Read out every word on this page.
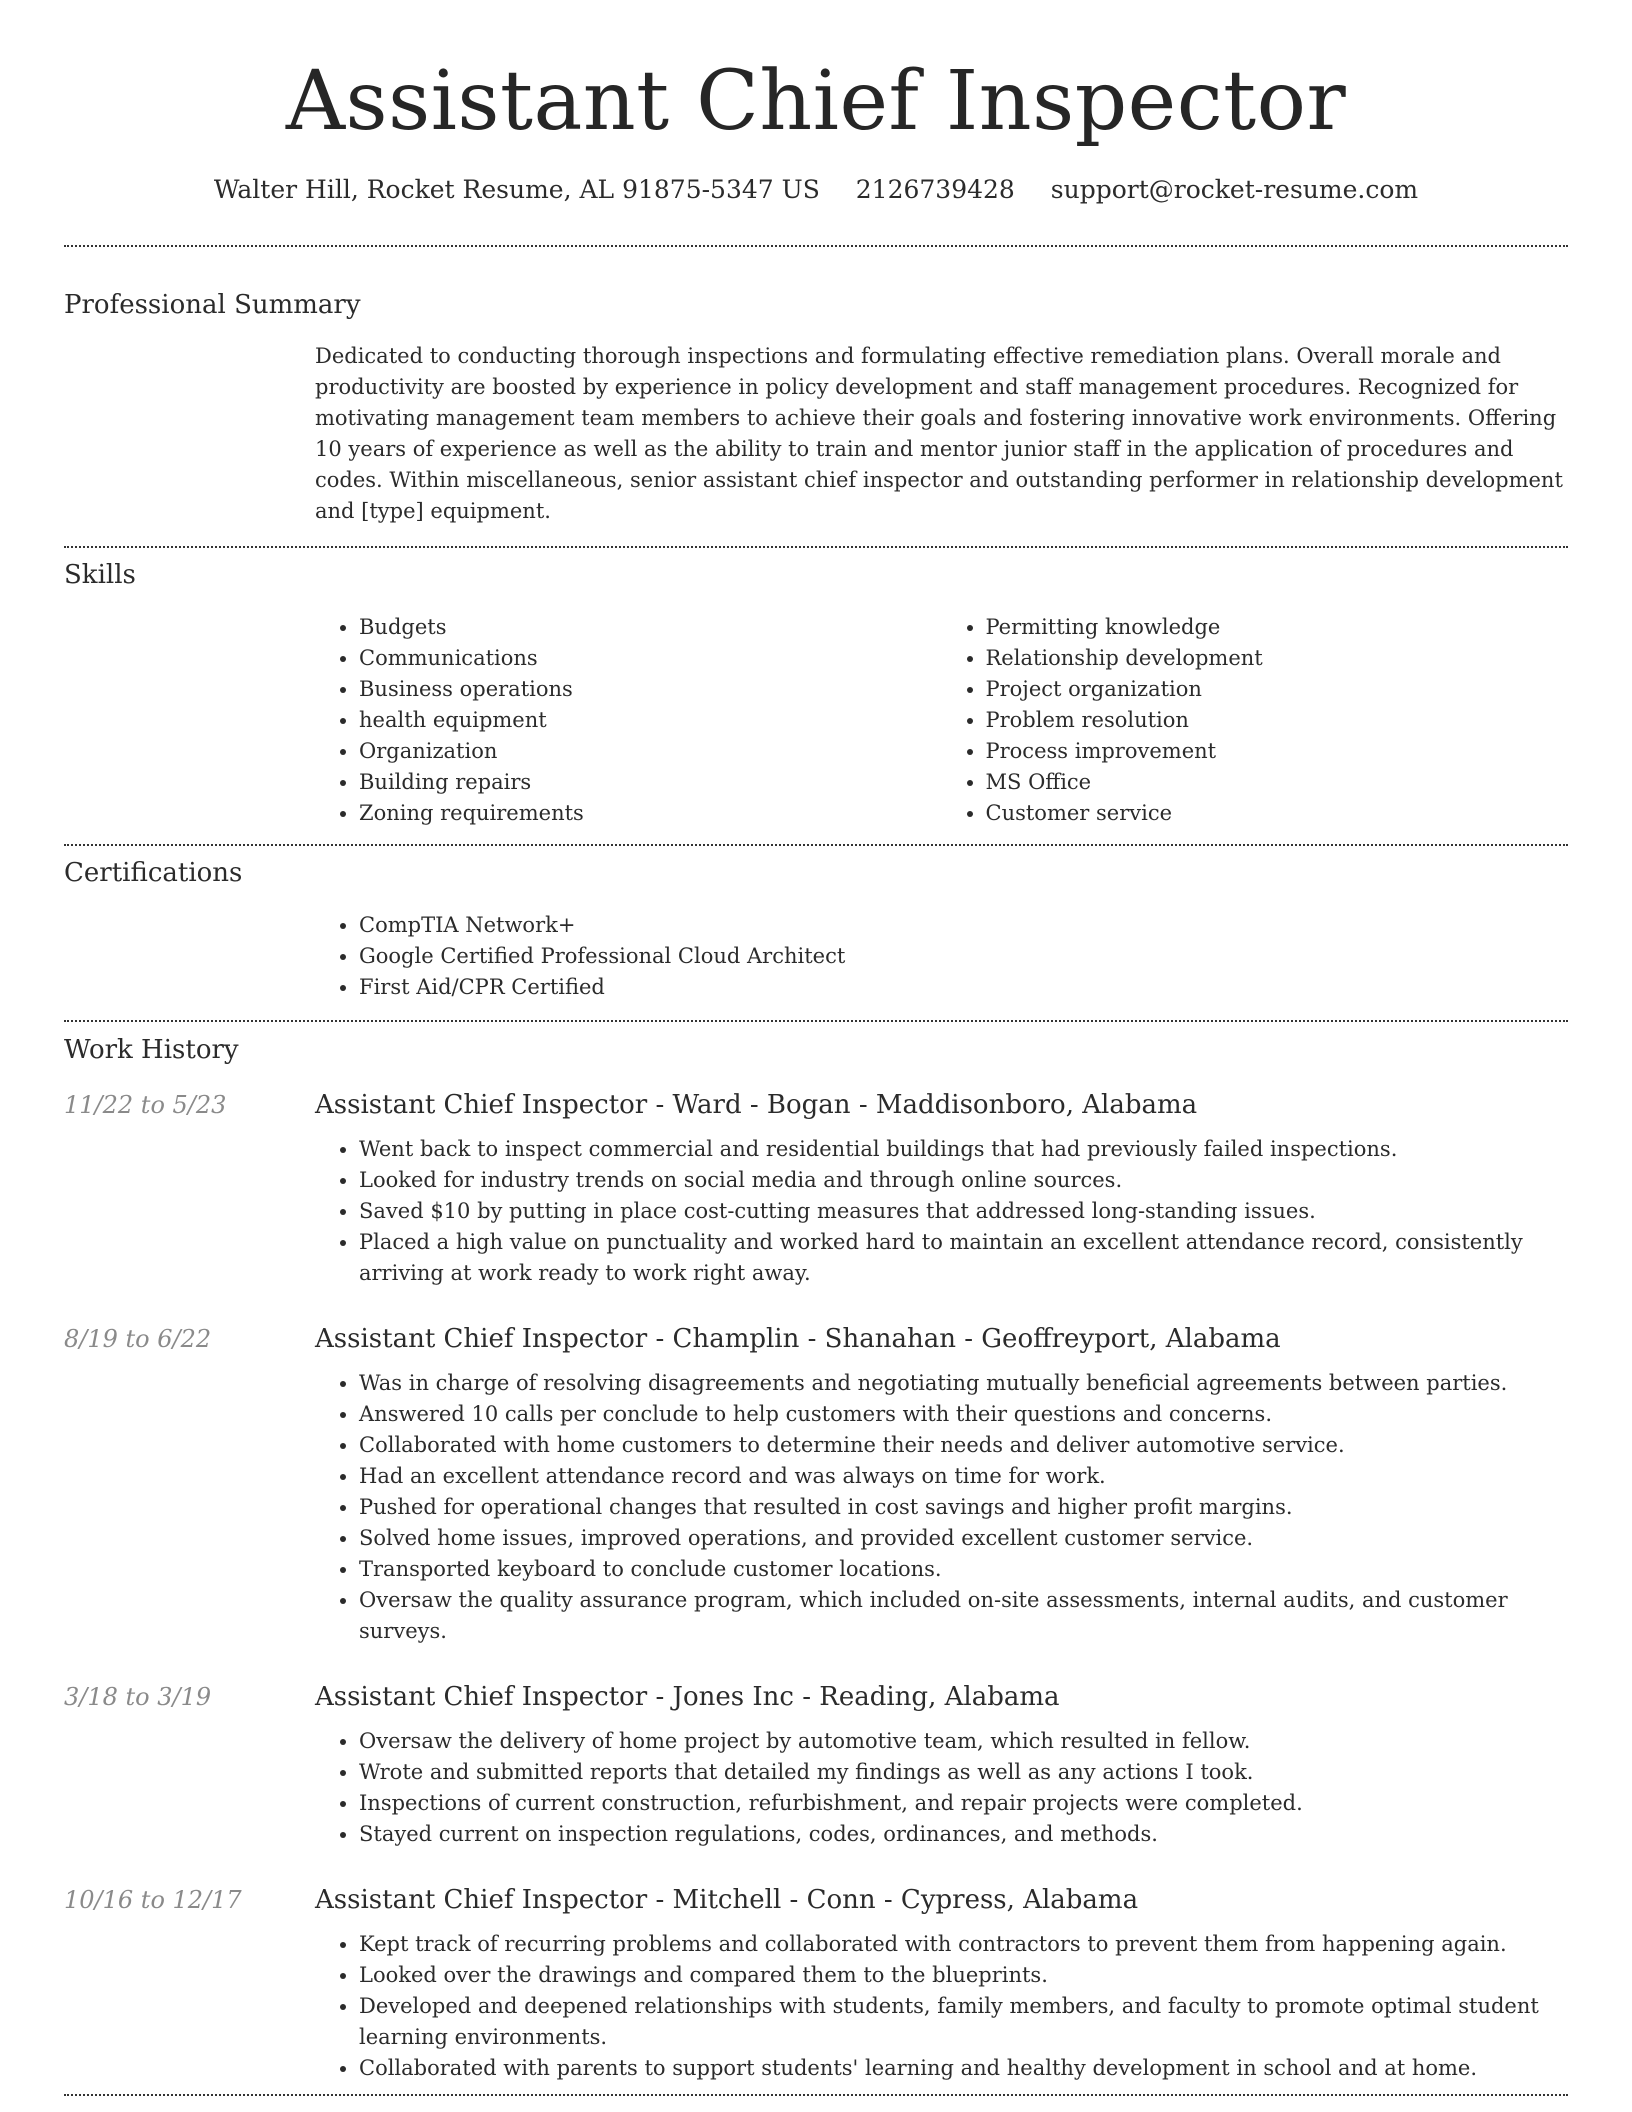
Assistant Chief Inspector
Walter Hill, Rocket Resume, AL 91875-5347 US 2126739428 support@rocket-resume.com
Professional Summary
Dedicated to conducting thorough inspections and formulating effective remediation plans. Overall morale and productivity are boosted by experience in policy development and staff management procedures. Recognized for motivating management team members to achieve their goals and fostering innovative work environments. Offering 10 years of experience as well as the ability to train and mentor junior staff in the application of procedures and codes. Within miscellaneous, senior assistant chief inspector and outstanding performer in relationship development and [type] equipment.
Skills
• Budgets
• Communications
• Business operations
• health equipment
• Organization
• Building repairs
• Zoning requirements
• Permitting knowledge
• Relationship development
• Project organization
• Problem resolution
• Process improvement
• MS Office
• Customer service
Certifications
• CompTIA Network+
• Google Certified Professional Cloud Architect
• First Aid/CPR Certified
Work History
11/22 to 5/23	Assistant Chief Inspector - Ward - Bogan - Maddisonboro, Alabama
• Went back to inspect commercial and residential buildings that had previously failed inspections.
• Looked for industry trends on social media and through online sources.
• Saved $10 by putting in place cost-cutting measures that addressed long-standing issues.
• Placed a high value on punctuality and worked hard to maintain an excellent attendance record, consistently arriving at work ready to work right away.
8/19 to 6/22	Assistant Chief Inspector - Champlin - Shanahan - Geoffreyport, Alabama
• Was in charge of resolving disagreements and negotiating mutually beneficial agreements between parties.
• Answered 10 calls per conclude to help customers with their questions and concerns.
• Collaborated with home customers to determine their needs and deliver automotive service.
• Had an excellent attendance record and was always on time for work.
• Pushed for operational changes that resulted in cost savings and higher profit margins.
• Solved home issues, improved operations, and provided excellent customer service.
• Transported keyboard to conclude customer locations.
• Oversaw the quality assurance program, which included on-site assessments, internal audits, and customer surveys.
3/18 to 3/19	Assistant Chief Inspector - Jones Inc - Reading, Alabama
• Oversaw the delivery of home project by automotive team, which resulted in fellow.
• Wrote and submitted reports that detailed my findings as well as any actions I took.
• Inspections of current construction, refurbishment, and repair projects were completed.
• Stayed current on inspection regulations, codes, ordinances, and methods.
10/16 to 12/17	Assistant Chief Inspector - Mitchell - Conn - Cypress, Alabama
• Kept track of recurring problems and collaborated with contractors to prevent them from happening again.
• Looked over the drawings and compared them to the blueprints.
• Developed and deepened relationships with students, family members, and faculty to promote optimal student learning environments.
• Collaborated with parents to support students' learning and healthy development in school and at home.
